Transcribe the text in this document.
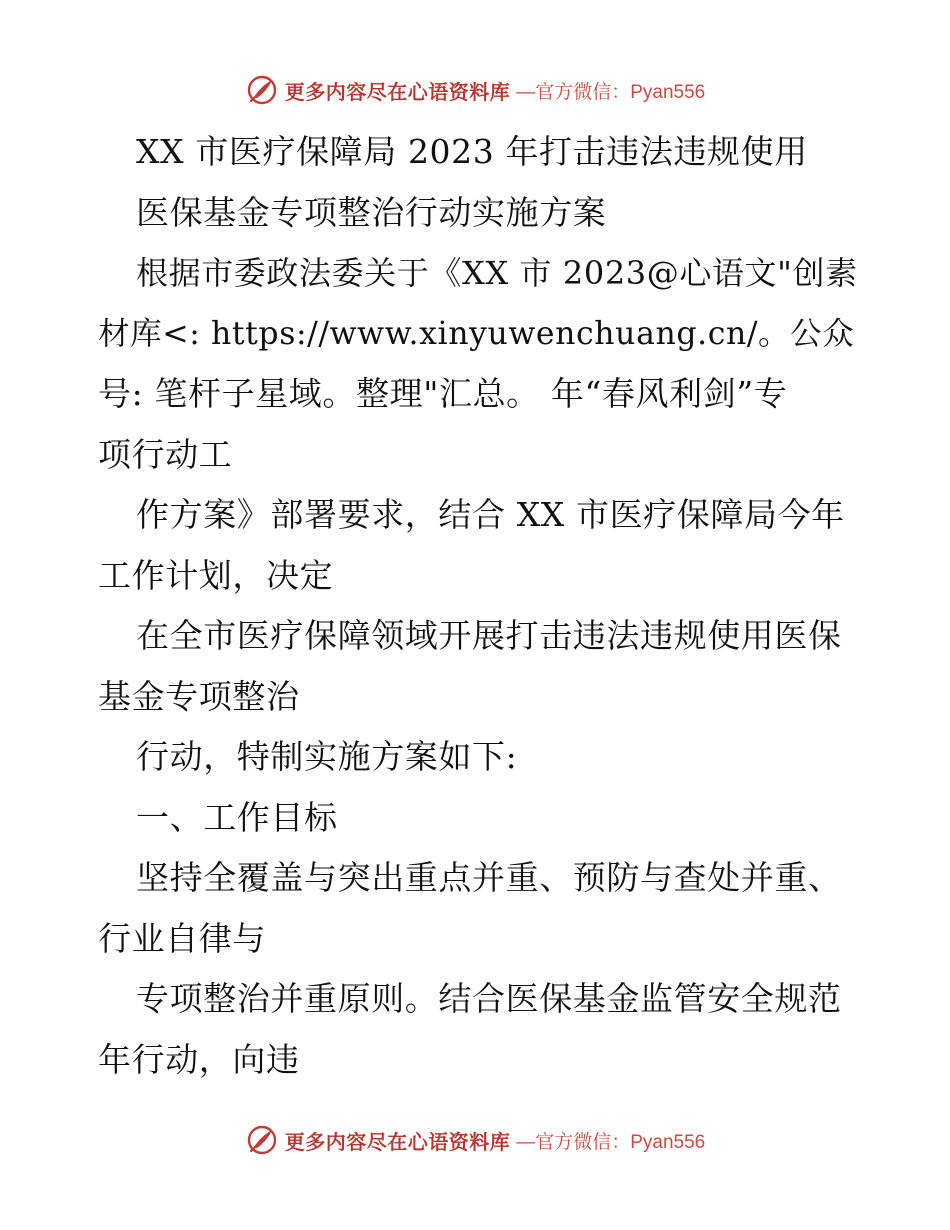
更多内容尽在心语资料库 —官方微信：Pyan556
XX 市医疗保障局 2023 年打击违法违规使用
医保基金专项整治行动实施方案
根据市委政法委关于《XX 市 2023@心语文"创素
材库<: https://www.xinyuwenchuang.cn/。公众
号: 笔杆子星域。整理"汇总。 年“春风利剑”专
项行动工
作方案》部署要求，结合 XX 市医疗保障局今年
工作计划，决定
在全市医疗保障领域开展打击违法违规使用医保
基金专项整治
行动，特制实施方案如下:
一、工作目标
坚持全覆盖与突出重点并重、预防与查处并重、
行业自律与
专项整治并重原则。结合医保基金监管安全规范
年行动，向违
更多内容尽在心语资料库 —官方微信：Pyan556
